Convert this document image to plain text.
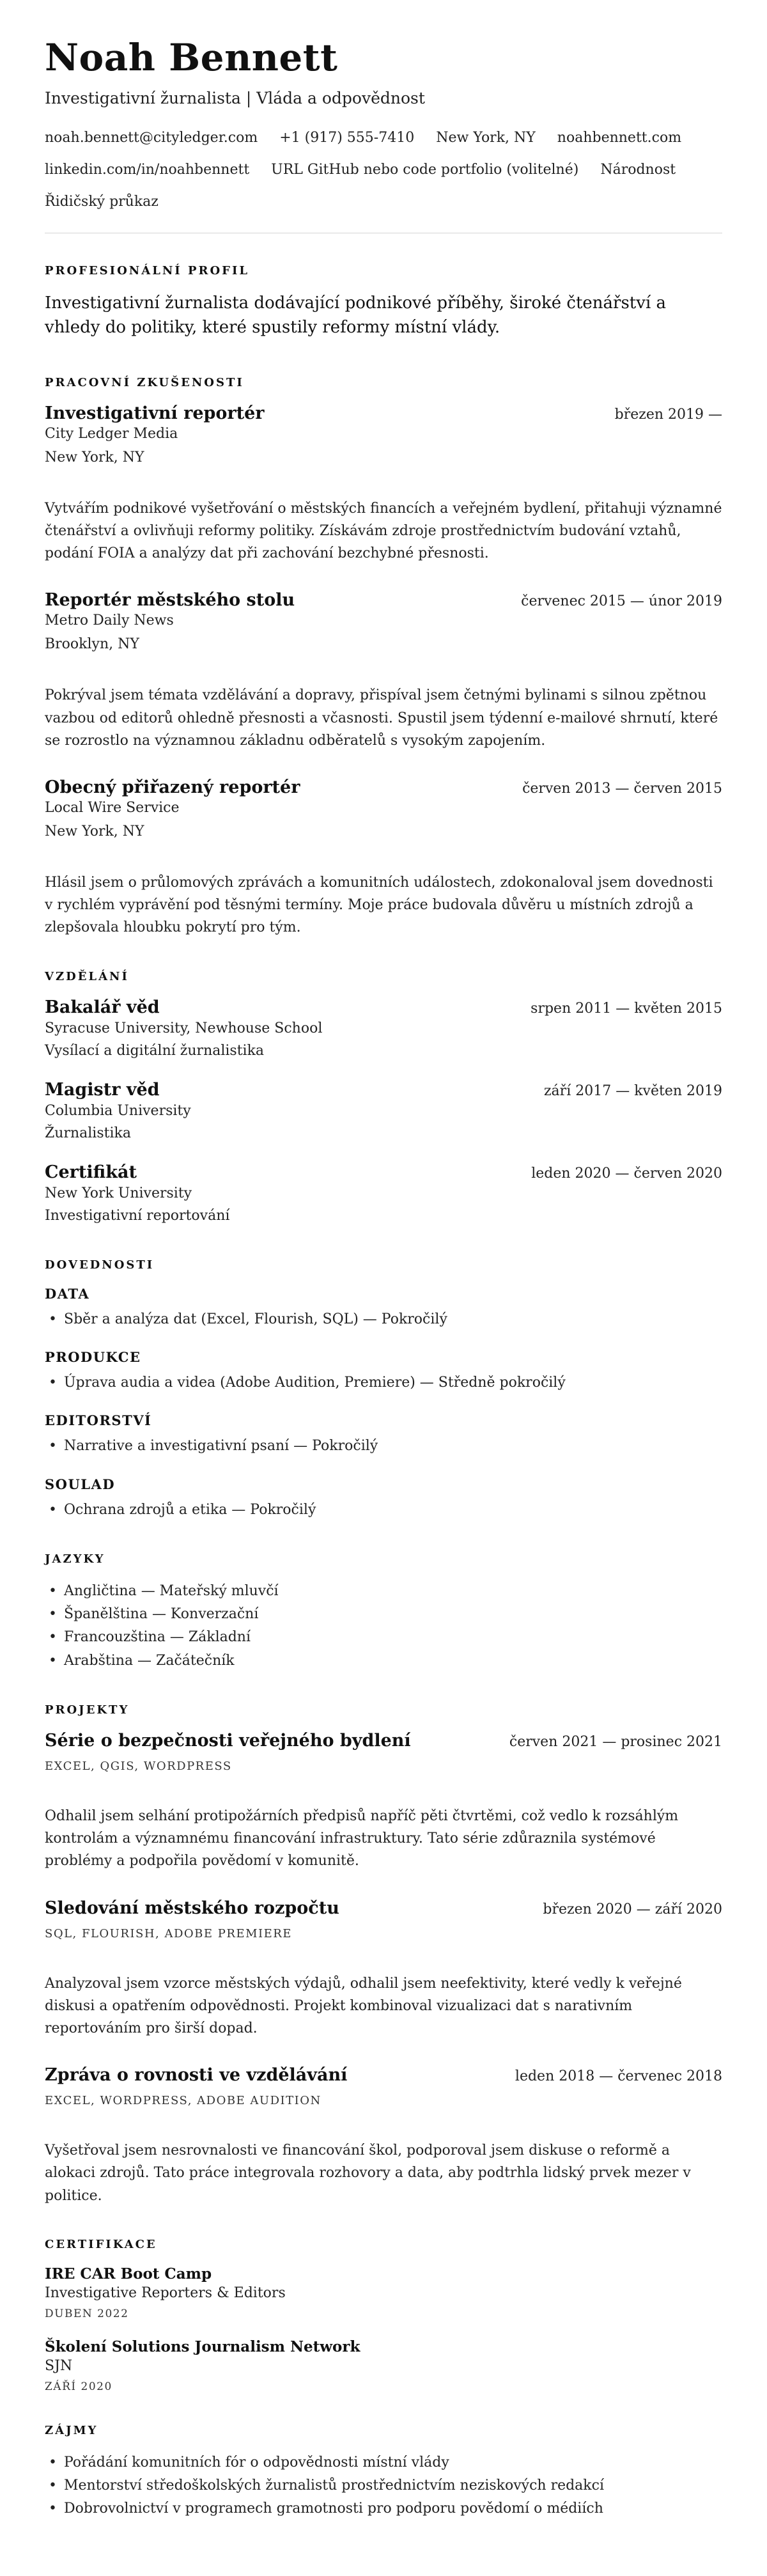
Noah Bennett
Investigativní žurnalista | Vláda a odpovědnost
noah.bennett@cityledger.com +1 (917) 555-7410 New York, NY noahbennett.com
linkedin.com/in/noahbennett URL GitHub nebo code portfolio (volitelné) Národnost
Řidičský průkaz
PROFESIONÁLNÍ PROFIL

Investigativní žurnalista dodávající podnikové příběhy, široké čtenářství a vhledy do politiky, které spustily reformy místní vlády.

PRACOVNÍ ZKUŠENOSTI
Investigativní reportér	březen 2019 —
City Ledger Media
New York, NY

Vytvářím podnikové vyšetřování o městských financích a veřejném bydlení, přitahuji významné čtenářství a ovlivňuji reformy politiky. Získávám zdroje prostřednictvím budování vztahů, podání FOIA a analýzy dat při zachování bezchybné přesnosti.

Reportér městského stolu	červenec 2015 — únor 2019
Metro Daily News
Brooklyn, NY

Pokrýval jsem témata vzdělávání a dopravy, přispíval jsem četnými bylinami s silnou zpětnou vazbou od editorů ohledně přesnosti a včasnosti. Spustil jsem týdenní e-mailové shrnutí, které se rozrostlo na významnou základnu odběratelů s vysokým zapojením.

Obecný přiřazený reportér	červen 2013 — červen 2015
Local Wire Service
New York, NY

Hlásil jsem o průlomových zprávách a komunitních událostech, zdokonaloval jsem dovednosti v rychlém vyprávění pod těsnými termíny. Moje práce budovala důvěru u místních zdrojů a zlepšovala hloubku pokrytí pro tým.

VZDĚLÁNÍ
Bakalář věd	srpen 2011 — květen 2015
Syracuse University, Newhouse School
Vysílací a digitální žurnalistika
Magistr věd	září 2017 — květen 2019
Columbia University
Žurnalistika
Certifikát	leden 2020 — červen 2020
New York University
Investigativní reportování
DOVEDNOSTI
DATA
• Sběr a analýza dat (Excel, Flourish, SQL) — Pokročilý
PRODUKCE
• Úprava audia a videa (Adobe Audition, Premiere) — Středně pokročilý
EDITORSTVÍ
• Narrative a investigativní psaní — Pokročilý
SOULAD
• Ochrana zdrojů a etika — Pokročilý
JAZYKY
• Angličtina — Mateřský mluvčí
• Španělština — Konverzační
• Francouzština — Základní
• Arabština — Začátečník
PROJEKTY
Série o bezpečnosti veřejného bydlení	červen 2021 — prosinec 2021
EXCEL, QGIS, WORDPRESS

Odhalil jsem selhání protipožárních předpisů napříč pěti čtvrtěmi, což vedlo k rozsáhlým kontrolám a významnému financování infrastruktury. Tato série zdůraznila systémové problémy a podpořila povědomí v komunitě.

Sledování městského rozpočtu	březen 2020 — září 2020
SQL, FLOURISH, ADOBE PREMIERE

Analyzoval jsem vzorce městských výdajů, odhalil jsem neefektivity, které vedly k veřejné diskusi a opatřením odpovědnosti. Projekt kombinoval vizualizaci dat s narativním reportováním pro širší dopad.

Zpráva o rovnosti ve vzdělávání	leden 2018 — červenec 2018
EXCEL, WORDPRESS, ADOBE AUDITION

Vyšetřoval jsem nesrovnalosti ve financování škol, podporoval jsem diskuse o reformě a alokaci zdrojů. Tato práce integrovala rozhovory a data, aby podtrhla lidský prvek mezer v politice.

CERTIFIKACE
IRE CAR Boot Camp
Investigative Reporters & Editors
DUBEN 2022
Školení Solutions Journalism Network
SJN
ZÁŘÍ 2020
ZÁJMY
• Pořádání komunitních fór o odpovědnosti místní vlády
• Mentorství středoškolských žurnalistů prostřednictvím neziskových redakcí
• Dobrovolnictví v programech gramotnosti pro podporu povědomí o médiích
